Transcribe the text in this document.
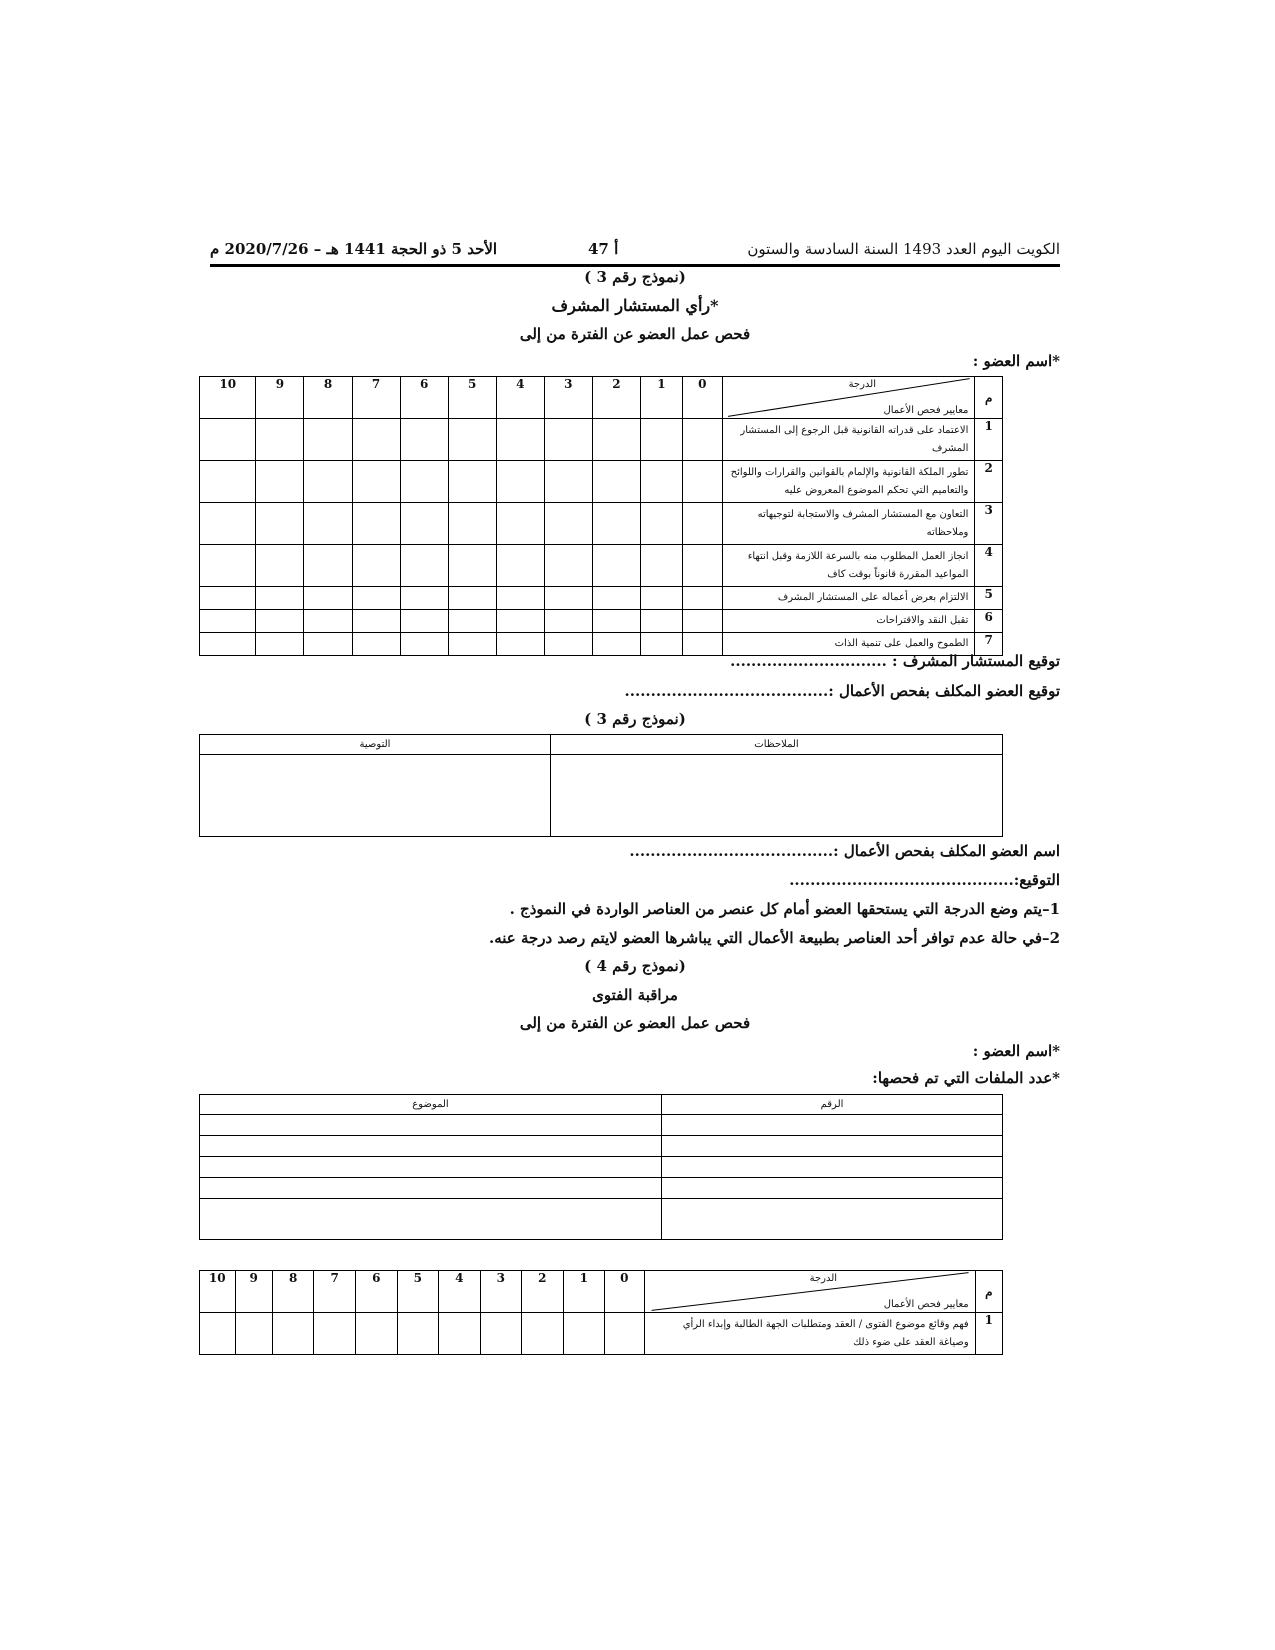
الكويت اليوم العدد 1493 السنة السادسة والستون
أ 47
الأحد 5 ذو الحجة 1441 هـ – 2020/7/26 م
(نموذج رقم 3 )
*رأي المستشار المشرف
فحص عمل العضو عن الفترة من إلى
*اسم العضو :
م	الدرجة
معايير فحص الأعمال	0	1	2	3	4	5	6	7	8	9	10
1	الاعتماد على قدراته القانونية قبل الرجوع إلى المستشار المشرف											
2	تطور الملكة القانونية والإلمام بالقوانين والقرارات واللوائح والتعاميم التي تحكم الموضوع المعروض عليه											
3	التعاون مع المستشار المشرف والاستجابة لتوجيهاته وملاحظاته											
4	انجاز العمل المطلوب منه بالسرعة اللازمة وقبل انتهاء المواعيد المقررة قانوناً بوقت كاف											
5	الالتزام بعرض أعماله على المستشار المشرف											
6	تقبل النقد والاقتراحات											
7	الطموح والعمل على تنمية الذات											
توقيع المستشار المشرف : ..............................
توقيع العضو المكلف بفحص الأعمال :.......................................
(نموذج رقم 3 )
الملاحظات	التوصية

اسم العضو المكلف بفحص الأعمال :.......................................
التوقيع:...........................................
1–يتم وضع الدرجة التي يستحقها العضو أمام كل عنصر من العناصر الواردة في النموذج .
2–في حالة عدم توافر أحد العناصر بطبيعة الأعمال التي يباشرها العضو لايتم رصد درجة عنه.
(نموذج رقم 4 )
مراقبة الفتوى
فحص عمل العضو عن الفترة من إلى
*اسم العضو :
*عدد الملفات التي تم فحصها:
الرقم	الموضوع

م	الدرجة
معايير فحص الأعمال	0	1	2	3	4	5	6	7	8	9	10
1	فهم وقائع موضوع الفتوى / العقد ومتطلبات الجهة الطالبة وإبداء الرأي وصياغة العقد على ضوء ذلك											
